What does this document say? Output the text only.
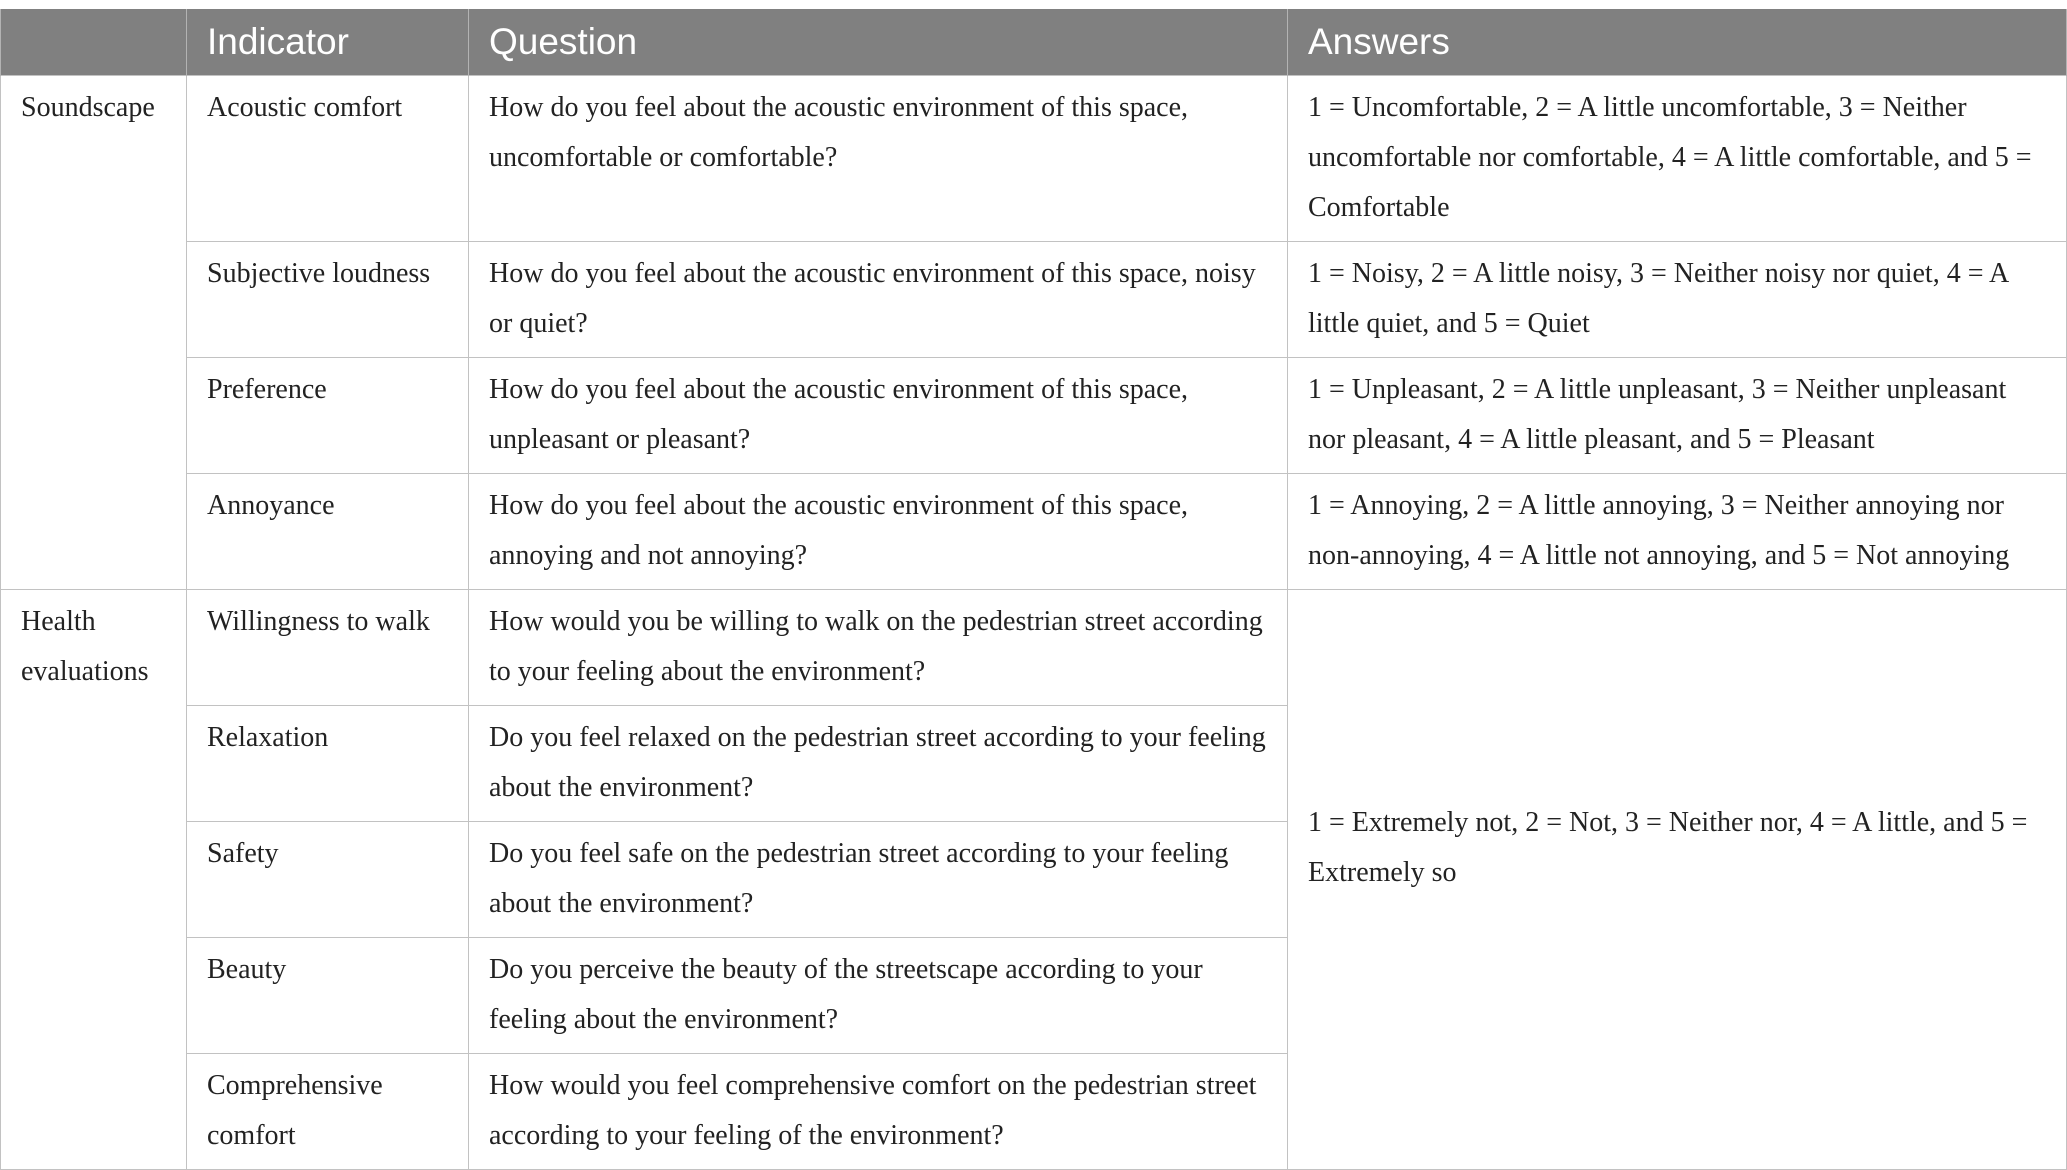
	Indicator	Question	Answers
Soundscape	Acoustic comfort	How do you feel about the acoustic environment of this space, uncomfortable or comfortable?	1 = Uncomfortable, 2 = A little uncomfortable, 3 = Neither uncomfortable nor comfortable, 4 = A little comfortable, and 5 = Comfortable
	Subjective loudness	How do you feel about the acoustic environment of this space, noisy or quiet?	1 = Noisy, 2 = A little noisy, 3 = Neither noisy nor quiet, 4 = A little quiet, and 5 = Quiet
	Preference	How do you feel about the acoustic environment of this space, unpleasant or pleasant?	1 = Unpleasant, 2 = A little unpleasant, 3 = Neither unpleasant nor pleasant, 4 = A little pleasant, and 5 = Pleasant
	Annoyance	How do you feel about the acoustic environment of this space, annoying and not annoying?	1 = Annoying, 2 = A little annoying, 3 = Neither annoying nor non-annoying, 4 = A little not annoying, and 5 = Not annoying
Health evaluations	Willingness to walk	How would you be willing to walk on the pedestrian street according to your feeling about the environment?	1 = Extremely not, 2 = Not, 3 = Neither nor, 4 = A little, and 5 = Extremely so
	Relaxation	Do you feel relaxed on the pedestrian street according to your feeling about the environment?	
	Safety	Do you feel safe on the pedestrian street according to your feeling about the environment?	
	Beauty	Do you perceive the beauty of the streetscape according to your feeling about the environment?	
	Comprehensive comfort	How would you feel comprehensive comfort on the pedestrian street according to your feeling of the environment?	
